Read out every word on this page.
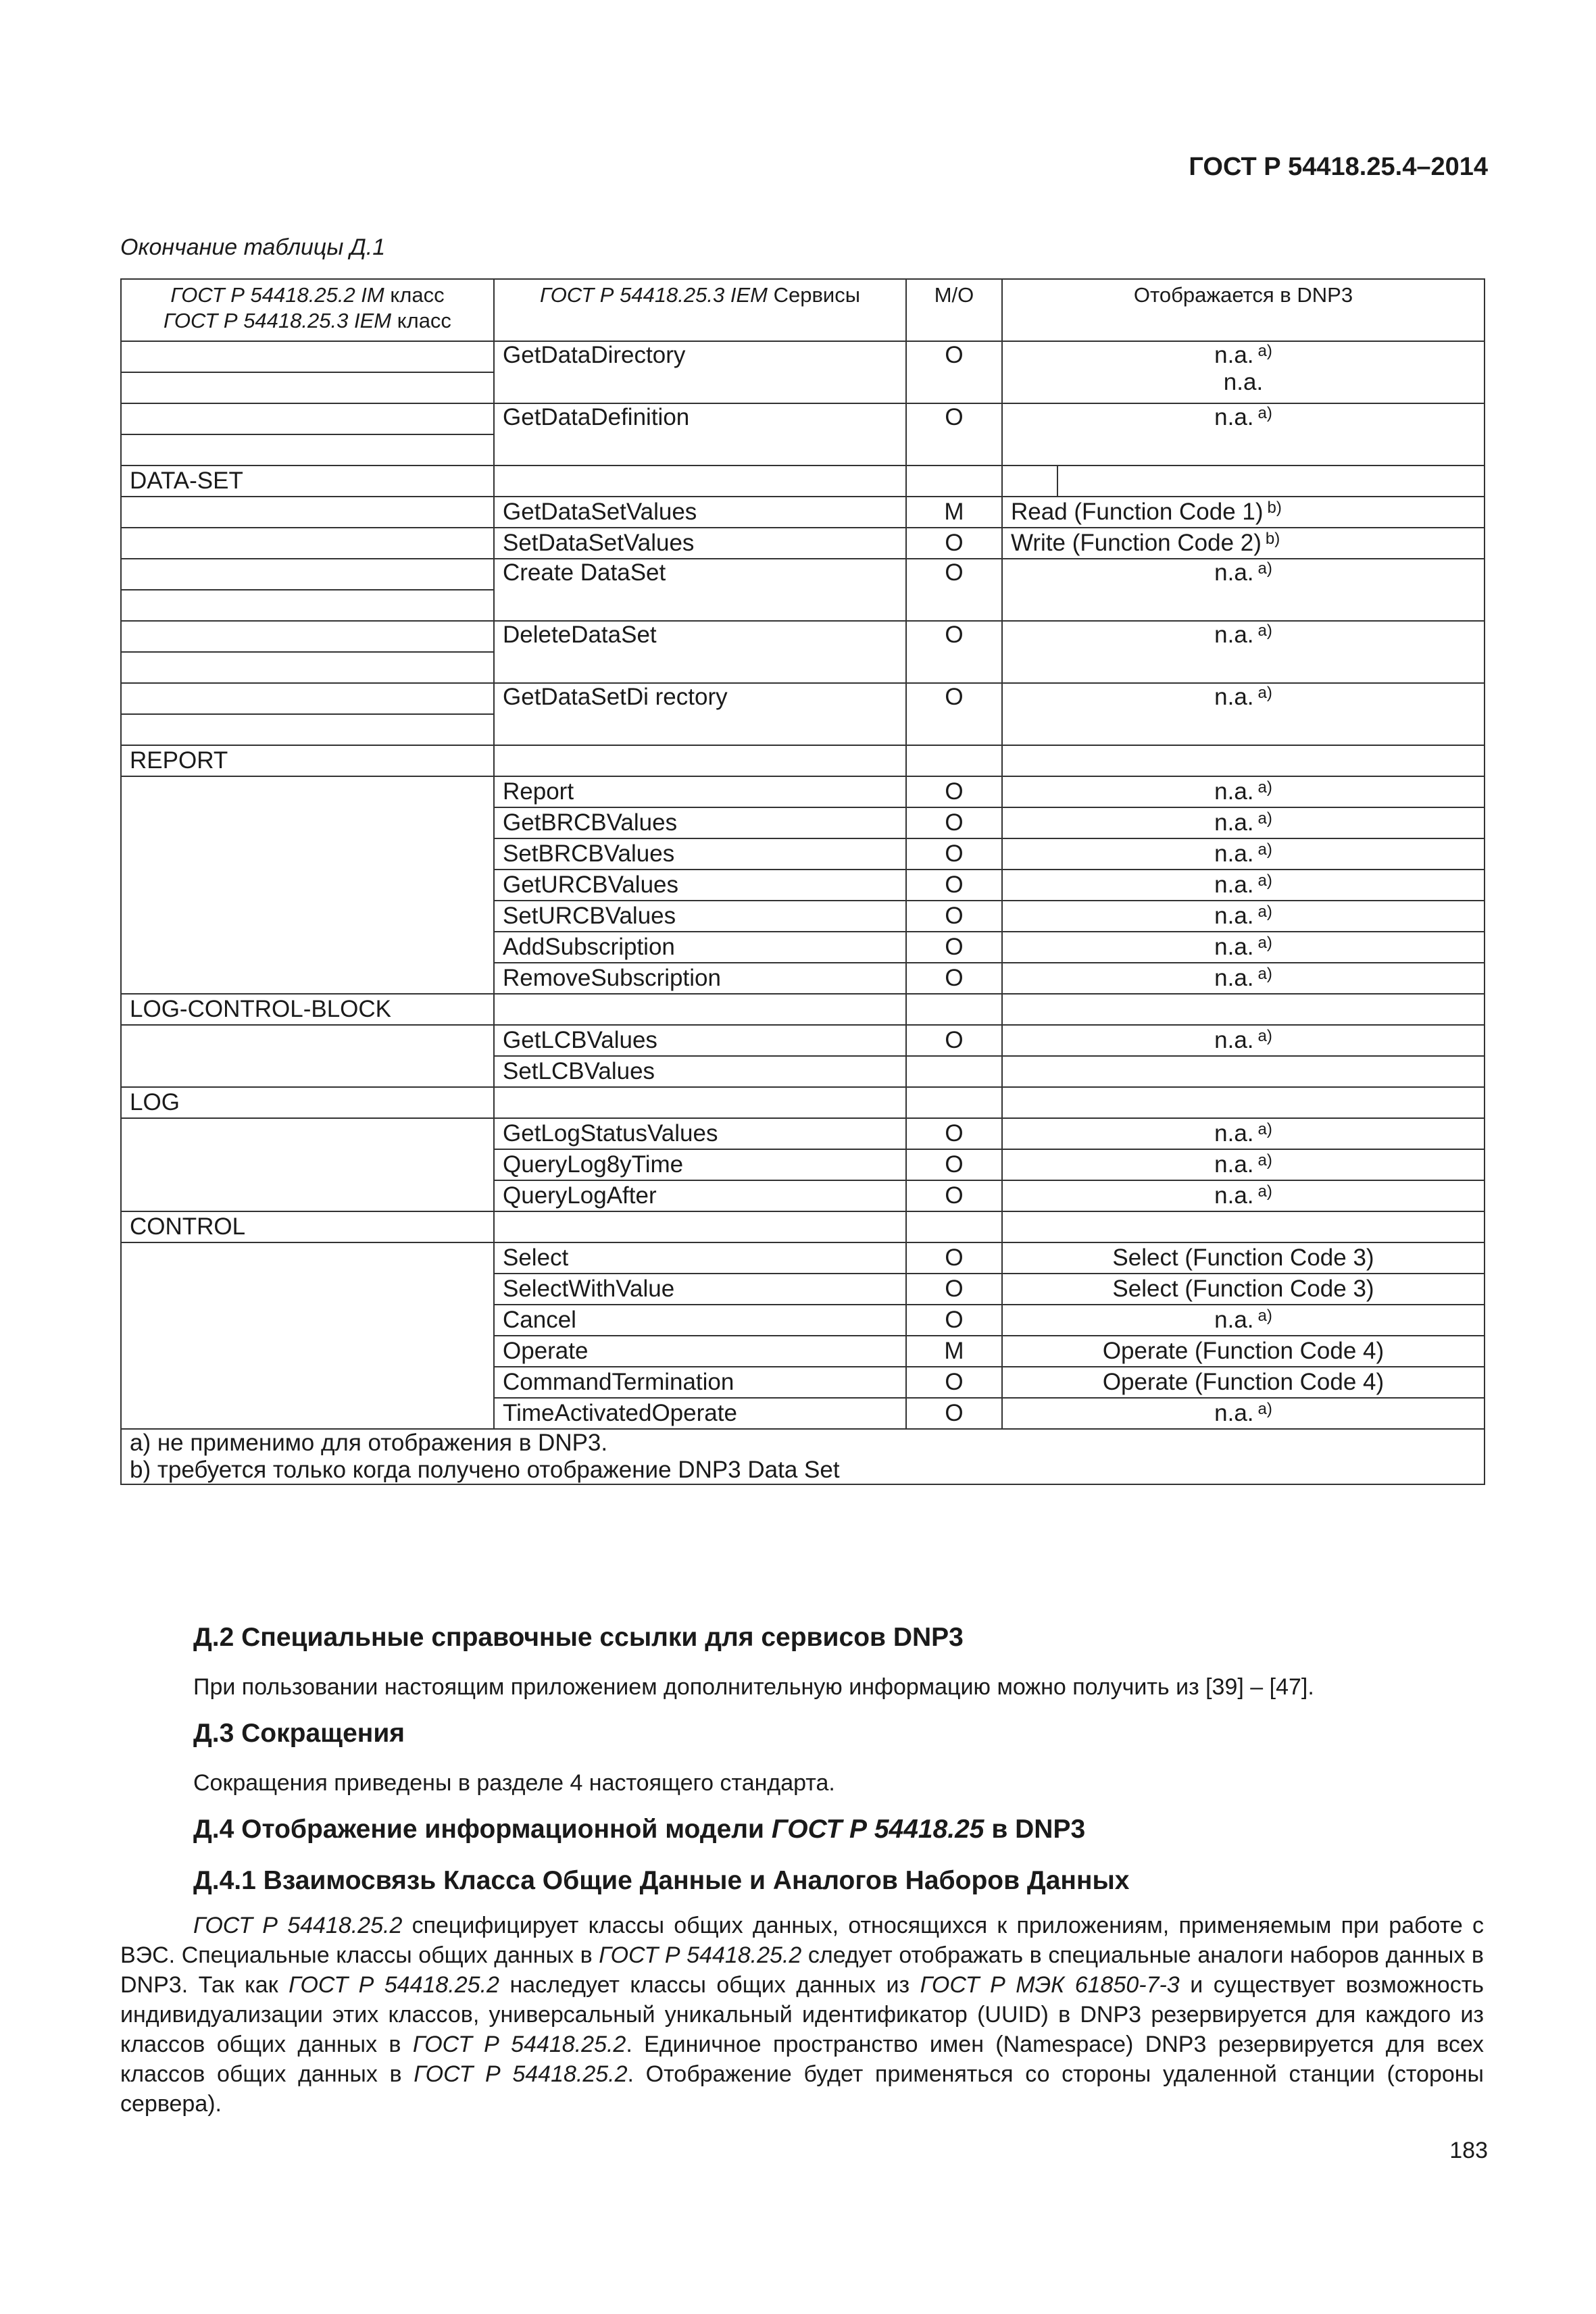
ГОСТ Р 54418.25.4–2014
Окончание таблицы Д.1
ГОСТ Р 54418.25.2 IM класс
ГОСТ Р 54418.25.3 IEM класс	ГОСТ Р 54418.25.3 IEM Сервисы	M/O	Отображается в DNP3
	GetDataDirectory	O	n.a. $^{a)}$
n.a.

	GetDataDefinition	O	n.a. $^{a)}$

DATA-SET			

	GetDataSetValues	M	Read (Function Code 1) $^{b)}$
	SetDataSetValues	O	Write (Function Code 2) $^{b)}$
	Create DataSet	O	n.a. $^{a)}$

	DeleteDataSet	O	n.a. $^{a)}$

	GetDataSetDi rectory	O	n.a. $^{a)}$

REPORT			
	Report	O	n.a. $^{a)}$
	GetBRCBValues	O	n.a. $^{a)}$
	SetBRCBValues	O	n.a. $^{a)}$
	GetURCBValues	O	n.a. $^{a)}$
	SetURCBValues	O	n.a. $^{a)}$
	AddSubscription	O	n.a. $^{a)}$
	RemoveSubscription	O	n.a. $^{a)}$
LOG-CONTROL-BLOCK			
	GetLCBValues	O	n.a. $^{a)}$
	SetLCBValues		
LOG			
	GetLogStatusValues	O	n.a. $^{a)}$
	QueryLog8yTime	O	n.a. $^{a)}$
	QueryLogAfter	O	n.a. $^{a)}$
CONTROL			
	Select	O	Select (Function Code 3)
	SelectWithValue	O	Select (Function Code 3)
	Cancel	O	n.a. $^{a)}$
	Operate	M	Operate (Function Code 4)
	CommandTermination	O	Operate (Function Code 4)
	TimeActivatedOperate	O	n.a. $^{a)}$

а) не применимо для отображения в DNP3.
b) требуется только когда получено отображение DNP3 Data Set			
Д.2 Специальные справочные ссылки для сервисов DNP3

При пользовании настоящим приложением дополнительную информацию можно получить из [39] – [47].

Д.3 Сокращения

Сокращения приведены в разделе 4 настоящего стандарта.

Д.4 Отображение информационной модели ГОСТ Р 54418.25 в DNP3
Д.4.1 Взаимосвязь Класса Общие Данные и Аналогов Наборов Данных

ГОСТ Р 54418.25.2 специфицирует классы общих данных, относящихся к приложениям, применяемым при работе с ВЭС. Специальные классы общих данных в ГОСТ Р 54418.25.2 следует отображать в специальные аналоги наборов данных в DNP3. Так как ГОСТ Р 54418.25.2 наследует классы общих данных из ГОСТ Р МЭК 61850-7-3 и существует возможность индивидуализации этих классов, универсальный уникальный идентификатор (UUID) в DNP3 резервируется для каждого из классов общих данных в ГОСТ Р 54418.25.2. Единичное пространство имен (Namespace) DNP3 резервируется для всех классов общих данных в ГОСТ Р 54418.25.2. Отображение будет применяться со стороны удаленной станции (стороны сервера).

183
